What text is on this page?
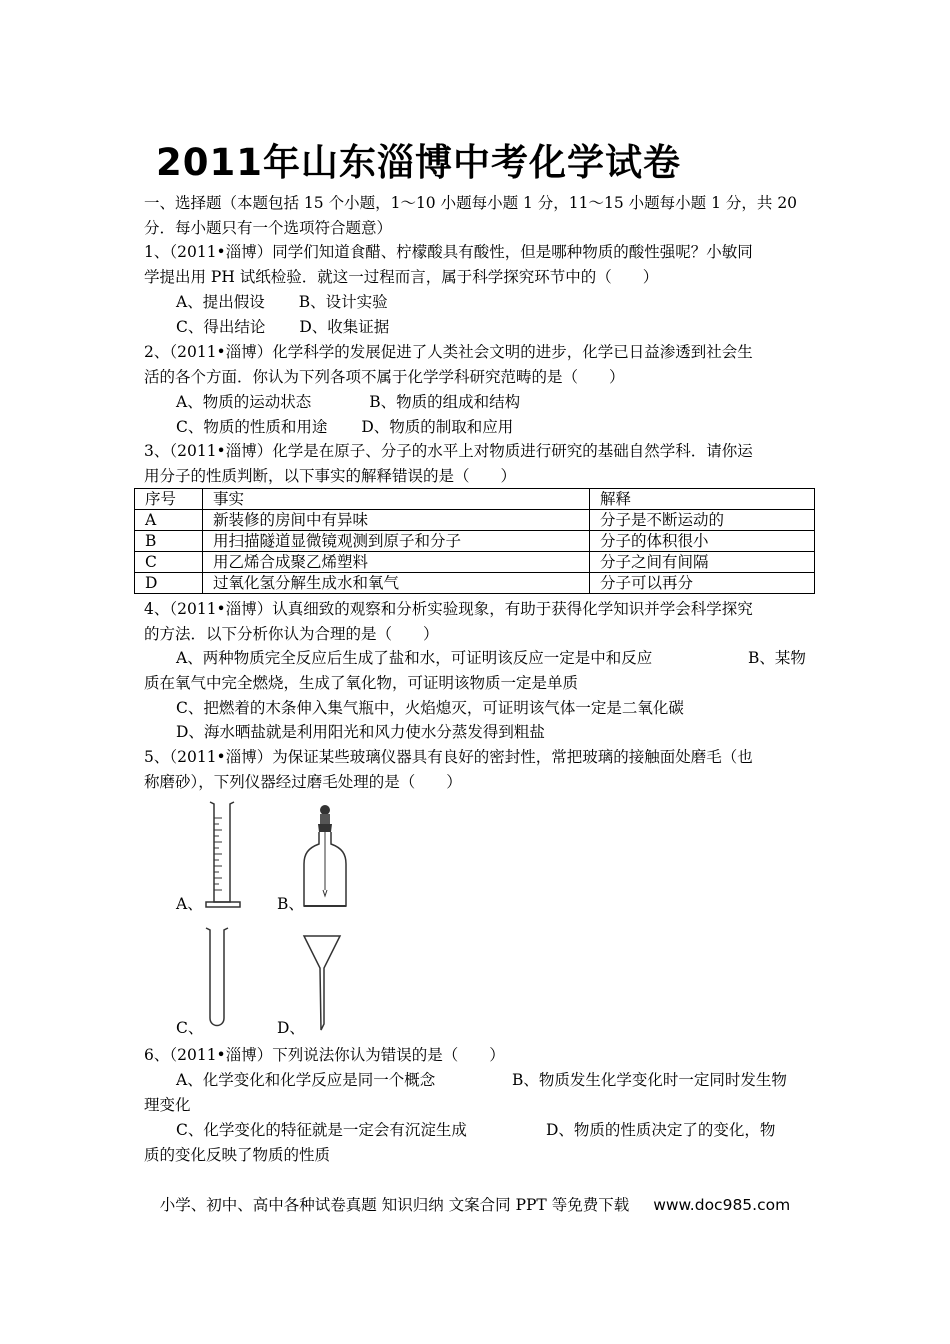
2011年山东淄博中考化学试卷
一、选择题（本题包括 15 个小题，1～10 小题每小题 1 分，11～15 小题每小题 1 分，共 20
分．每小题只有一个选项符合题意）
1、（2011•淄博）同学们知道食醋、柠檬酸具有酸性，但是哪种物质的酸性强呢？小敏同
学提出用 PH 试纸检验．就这一过程而言，属于科学探究环节中的（　　）
A、提出假设 B、设计实验
C、得出结论 D、收集证据
2、（2011•淄博）化学科学的发展促进了人类社会文明的进步，化学已日益渗透到社会生
活的各个方面．你认为下列各项不属于化学学科研究范畴的是（　　）
A、物质的运动状态	B、物质的组成和结构
C、物质的性质和用途 D、物质的制取和应用
3、（2011•淄博）化学是在原子、分子的水平上对物质进行研究的基础自然学科．请你运
用分子的性质判断，以下事实的解释错误的是（　　）
序号	事实	解释
A	新装修的房间中有异味	分子是不断运动的
B	用扫描隧道显微镜观测到原子和分子	分子的体积很小
C	用乙烯合成聚乙烯塑料	分子之间有间隔
D	过氧化氢分解生成水和氧气	分子可以再分
4、（2011•淄博）认真细致的观察和分析实验现象，有助于获得化学知识并学会科学探究
的方法．以下分析你认为合理的是（　　）
A、两种物质完全反应后生成了盐和水，可证明该反应一定是中和反应	B、某物
质在氧气中完全燃烧，生成了氧化物，可证明该物质一定是单质
C、把燃着的木条伸入集气瓶中，火焰熄灭，可证明该气体一定是二氧化碳
D、海水晒盐就是利用阳光和风力使水分蒸发得到粗盐
5、（2011•淄博）为保证某些玻璃仪器具有良好的密封性，常把玻璃的接触面处磨毛（也
称磨砂），下列仪器经过磨毛处理的是（　　）
A、	B、
C、	D、
6、（2011•淄博）下列说法你认为错误的是（　　）
A、化学变化和化学反应是同一个概念	B、物质发生化学变化时一定同时发生物
理变化
C、化学变化的特征就是一定会有沉淀生成	D、物质的性质决定了的变化，物
质的变化反映了物质的性质
小学、初中、高中各种试卷真题 知识归纳 文案合同 PPT 等免费下载 www.doc985.com
